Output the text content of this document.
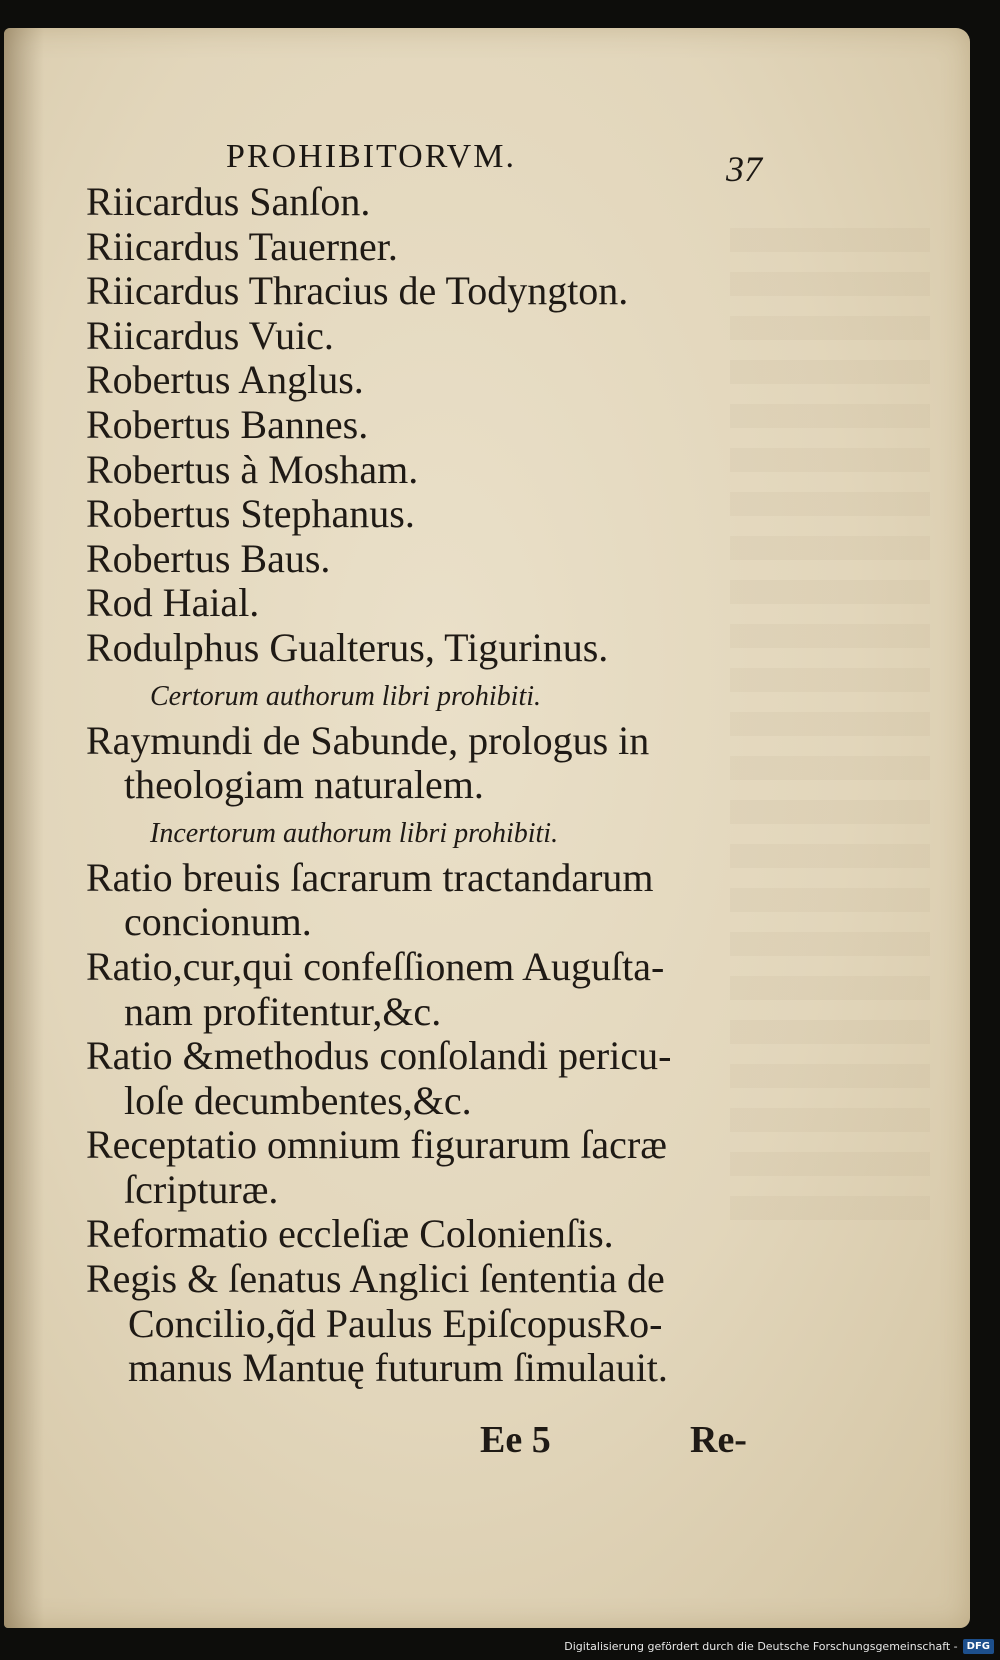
PROHIBITORVM.	37
Riicardus Sanſon.
Riicardus Tauerner.
Riicardus Thracius de Todyngton.
Riicardus Vuic.
Robertus Anglus.
Robertus Bannes.
Robertus à Mosham.
Robertus Stephanus.
Robertus Baus.
Rod Haial.
Rodulphus Gualterus, Tigurinus.
Certorum authorum libri prohibiti.
Raymundi de Sabunde, prologus in
theologiam naturalem.
Incertorum authorum libri prohibiti.
Ratio breuis ſacrarum tractandarum
concionum.
Ratio,cur,qui confeſſionem Auguſta-
nam profitentur,&c.
Ratio &methodus conſolandi pericu-
loſe decumbentes,&c.
Receptatio omnium figurarum ſacræ
ſcripturæ.
Reformatio eccleſiæ Colonienſis.
Regis & ſenatus Anglici ſententia de
Concilio,q̃d Paulus EpiſcopusRo-
manus Mantuę futurum ſimulauit.
Ee 5	Re-
Digitalisierung gefördert durch die Deutsche Forschungsgemeinschaft - DFG
